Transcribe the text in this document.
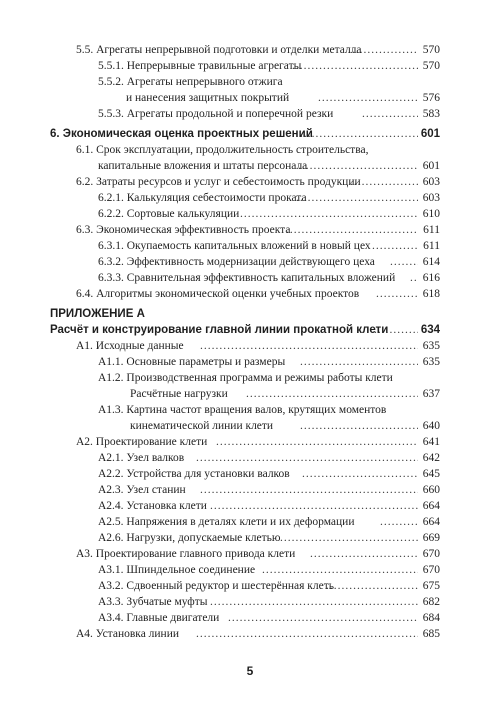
5.5. Агрегаты непрерывной подготовки и отделки металла .....	570
5.5.1. Непрерывные травильные агрегаты .....	570
5.5.2. Агрегаты непрерывного отжига
и нанесения защитных покрытий .....	576
5.5.3. Агрегаты продольной и поперечной резки .....	583
6. Экономическая оценка проектных решений .....	601
6.1. Срок эксплуатации, продолжительность строительства,
капитальные вложения и штаты персонала .....	601
6.2. Затраты ресурсов и услуг и себестоимость продукции .....	603
6.2.1. Калькуляция себестоимости проката .....	603
6.2.2. Сортовые калькуляции .....	610
6.3. Экономическая эффективность проекта .....	611
6.3.1. Окупаемость капитальных вложений в новый цех .....	611
6.3.2. Эффективность модернизации действующего цеха .....	614
6.3.3. Сравнительная эффективность капитальных вложений .....	616
6.4. Алгоритмы экономической оценки учебных проектов .....	618
ПРИЛОЖЕНИЕ А
Расчёт и конструирование главной линии прокатной клети .....	634
А1. Исходные данные .....	635
А1.1. Основные параметры и размеры .....	635
А1.2. Производственная программа и режимы работы клети
Расчётные нагрузки .....	637
А1.3. Картина частот вращения валов, крутящих моментов
кинематической линии клети .....	640
А2. Проектирование клети .....	641
А2.1. Узел валков .....	642
А2.2. Устройства для установки валков .....	645
А2.3. Узел станин .....	660
А2.4. Установка клети .....	664
А2.5. Напряжения в деталях клети и их деформации .....	664
А2.6. Нагрузки, допускаемые клетью .....	669
А3. Проектирование главного привода клети .....	670
А3.1. Шпиндельное соединение .....	670
А3.2. Сдвоенный редуктор и шестерённая клеть .....	675
А3.3. Зубчатые муфты .....	682
А3.4. Главные двигатели .....	684
А4. Установка линии .....	685
5
